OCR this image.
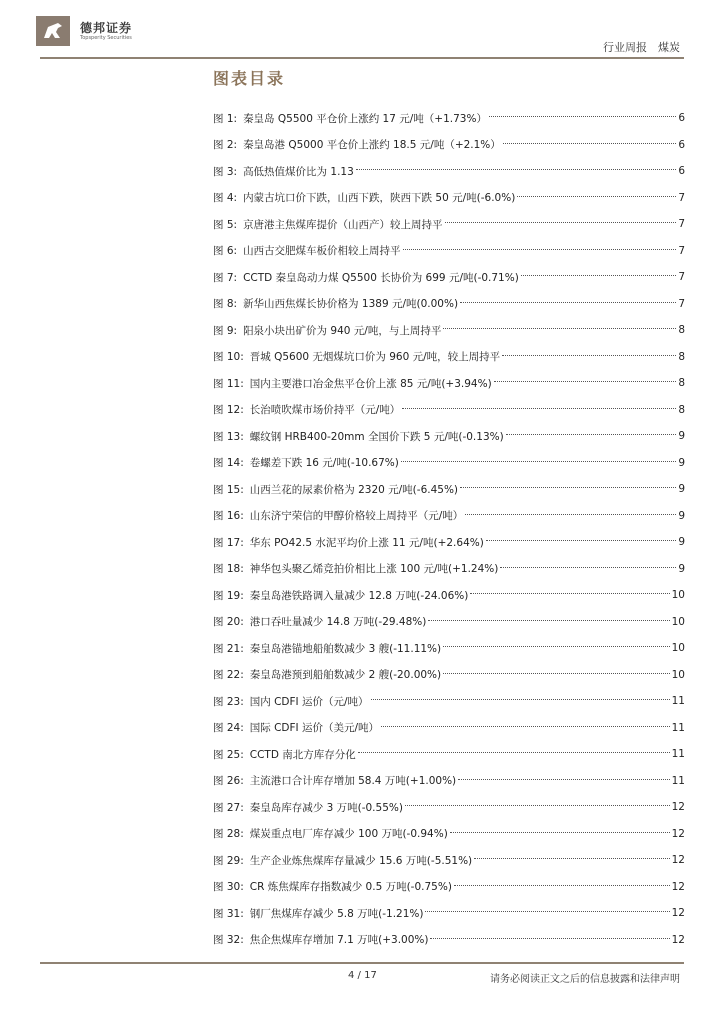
德邦证券
Topsperity Securities
行业周报　煤炭
图表目录
图 1: 秦皇岛 Q5500 平仓价上涨约 17 元/吨（+1.73%）	6
图 2: 秦皇岛港 Q5000 平仓价上涨约 18.5 元/吨（+2.1%）	6
图 3: 高低热值煤价比为 1.13	6
图 4: 内蒙古坑口价下跌，山西下跌，陕西下跌 50 元/吨(-6.0%)	7
图 5: 京唐港主焦煤库提价（山西产）较上周持平	7
图 6: 山西古交肥煤车板价相较上周持平	7
图 7: CCTD 秦皇岛动力煤 Q5500 长协价为 699 元/吨(-0.71%)	7
图 8: 新华山西焦煤长协价格为 1389 元/吨(0.00%)	7
图 9: 阳泉小块出矿价为 940 元/吨，与上周持平	8
图 10: 晋城 Q5600 无烟煤坑口价为 960 元/吨，较上周持平	8
图 11: 国内主要港口冶金焦平仓价上涨 85 元/吨(+3.94%)	8
图 12: 长治喷吹煤市场价持平（元/吨）	8
图 13: 螺纹钢 HRB400-20mm 全国价下跌 5 元/吨(-0.13%)	9
图 14: 卷螺差下跌 16 元/吨(-10.67%)	9
图 15: 山西兰花的尿素价格为 2320 元/吨(-6.45%)	9
图 16: 山东济宁荣信的甲醇价格较上周持平（元/吨）	9
图 17: 华东 PO42.5 水泥平均价上涨 11 元/吨(+2.64%)	9
图 18: 神华包头聚乙烯竞拍价相比上涨 100 元/吨(+1.24%)	9
图 19: 秦皇岛港铁路调入量减少 12.8 万吨(-24.06%)	10
图 20: 港口吞吐量减少 14.8 万吨(-29.48%)	10
图 21: 秦皇岛港锚地船舶数减少 3 艘(-11.11%)	10
图 22: 秦皇岛港预到船舶数减少 2 艘(-20.00%)	10
图 23: 国内 CDFI 运价（元/吨）	11
图 24: 国际 CDFI 运价（美元/吨）	11
图 25: CCTD 南北方库存分化	11
图 26: 主流港口合计库存增加 58.4 万吨(+1.00%)	11
图 27: 秦皇岛库存减少 3 万吨(-0.55%)	12
图 28: 煤炭重点电厂库存减少 100 万吨(-0.94%)	12
图 29: 生产企业炼焦煤库存量减少 15.6 万吨(-5.51%)	12
图 30: CR 炼焦煤库存指数减少 0.5 万吨(-0.75%)	12
图 31: 钢厂焦煤库存减少 5.8 万吨(-1.21%)	12
图 32: 焦企焦煤库存增加 7.1 万吨(+3.00%)	12
4 / 17	请务必阅读正文之后的信息披露和法律声明
